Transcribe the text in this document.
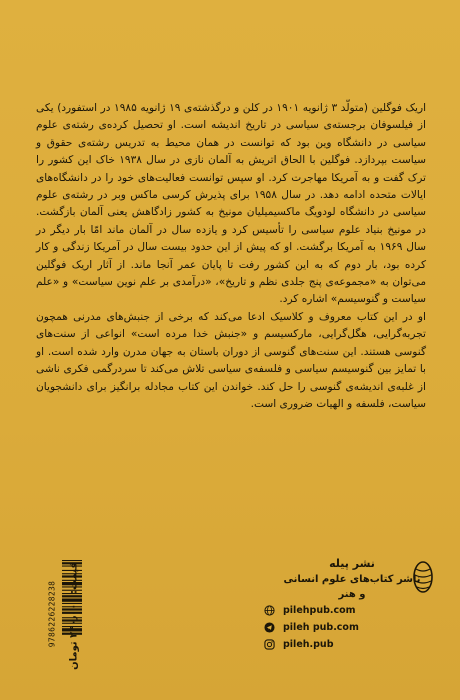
اریک فوگلین (متولّد ۳ ژانویه ۱۹۰۱ در کلن و درگذشته‌ی ۱۹ ژانویه ۱۹۸۵ در استفورد) یکی از فیلسوفان برجسته‌ی سیاسی در تاریخ اندیشه است. او تحصیل کرده‌ی رشته‌ی علوم سیاسی در دانشگاه وین بود که توانست در همان محیط به تدریس رشته‌ی حقوق و سیاست بپردازد. فوگلین با الحاق اتریش به آلمان نازی در سال ۱۹۳۸ خاک این کشور را ترک گفت و به آمریکا مهاجرت کرد. او سپس توانست فعالیت‌های خود را در دانشگاه‌های ایالات متحده ادامه دهد. در سال ۱۹۵۸ برای پذیرش کرسی ماکس وبر در رشته‌ی علوم سیاسی در دانشگاه لودویگ ماکسیمیلیان مونیخ به کشور زادگاهش یعنی آلمان بازگشت. در مونیخ بنیاد علوم سیاسی را تأسیس کرد و یازده سال در آلمان ماند امّا بار دیگر در سال ۱۹۶۹ به آمریکا برگشت. او که پیش از این حدود بیست سال در آمریکا زندگی و کار کرده بود، بار دوم که به این کشور رفت تا پایان عمر آنجا ماند. از آثار اریک فوگلین می‌توان به «مجموعه‌ی پنج جلدی نظم و تاریخ»، «درآمدی بر علم نوین سیاست» و «علم سیاست و گنوسیسم» اشاره کرد.

او در این کتاب معروف و کلاسیک ادعا می‌کند که برخی از جنبش‌های مدرنی همچون تجربه‌گرایی، هگل‌گرایی، مارکسیسم و «جنبش خدا مرده است» انواعی از سنت‌های گنوسی هستند. این سنت‌های گنوسی از دوران باستان به جهان مدرن وارد شده است. او با تمایز بین گنوسیسم سیاسی و فلسفه‌ی سیاسی تلاش می‌کند تا سردرگمی فکری ناشی از غلبه‌ی اندیشه‌ی گنوسی را حل کند. خواندن این کتاب مجادله برانگیز برای دانشجویان سیاست، فلسفه و الهیات ضروری است.

نشر پیله
ناشر کتاب‌های علوم انسانی و هنر
pilehpub.com
pileh pub.com
pileh.pub
9786226228238
قیمت: ۲۴۰٫۰۰۰ تومان
